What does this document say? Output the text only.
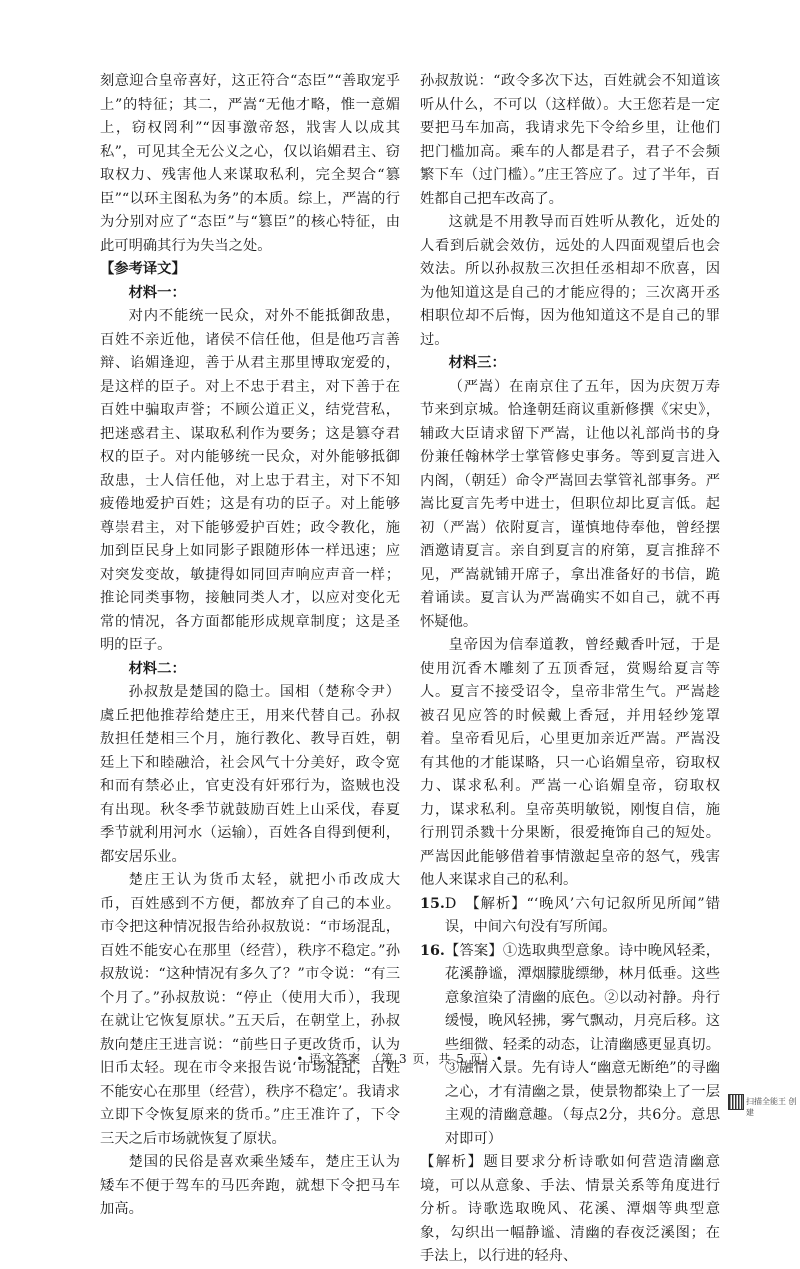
刻意迎合皇帝喜好，这正符合“态臣”“善取宠乎上”的特征；其二，严嵩“无他才略，惟一意媚上，窃权罔利”“因事激帝怒，戕害人以成其私”，可见其全无公义之心，仅以谄媚君主、窃取权力、残害他人来谋取私利，完全契合“篡臣”“以环主图私为务”的本质。综上，严嵩的行为分别对应了“态臣”与“篡臣”的核心特征，由此可明确其行为失当之处。

【参考译文】

材料一：

对内不能统一民众，对外不能抵御敌患，百姓不亲近他，诸侯不信任他，但是他巧言善辩、谄媚逢迎，善于从君主那里博取宠爱的，是这样的臣子。对上不忠于君主，对下善于在百姓中骗取声誉；不顾公道正义，结党营私，把迷惑君主、谋取私利作为要务；这是篡夺君权的臣子。对内能够统一民众，对外能够抵御敌患，士人信任他，对上忠于君主，对下不知疲倦地爱护百姓；这是有功的臣子。对上能够尊崇君主，对下能够爱护百姓；政令教化，施加到臣民身上如同影子跟随形体一样迅速；应对突发变故，敏捷得如同回声响应声音一样；推论同类事物，接触同类人才，以应对变化无常的情况，各方面都能形成规章制度；这是圣明的臣子。

材料二：

孙叔敖是楚国的隐士。国相（楚称令尹）虞丘把他推荐给楚庄王，用来代替自己。孙叔敖担任楚相三个月，施行教化、教导百姓，朝廷上下和睦融洽，社会风气十分美好，政令宽和而有禁必止，官吏没有奸邪行为，盗贼也没有出现。秋冬季节就鼓励百姓上山采伐，春夏季节就利用河水（运输），百姓各自得到便利，都安居乐业。

楚庄王认为货币太轻，就把小币改成大币，百姓感到不方便，都放弃了自己的本业。市令把这种情况报告给孙叔敖说：“市场混乱，百姓不能安心在那里（经营），秩序不稳定。”孙叔敖说：“这种情况有多久了？”市令说：“有三个月了。”孙叔敖说：“停止（使用大币），我现在就让它恢复原状。”五天后，在朝堂上，孙叔敖向楚庄王进言说：“前些日子更改货币，认为旧币太轻。现在市令来报告说‘市场混乱，百姓不能安心在那里（经营），秩序不稳定’。我请求立即下令恢复原来的货币。”庄王准许了，下令三天之后市场就恢复了原状。

楚国的民俗是喜欢乘坐矮车，楚庄王认为矮车不便于驾车的马匹奔跑，就想下令把马车加高。

孙叔敖说：“政令多次下达，百姓就会不知道该听从什么，不可以（这样做）。大王您若是一定要把马车加高，我请求先下令给乡里，让他们把门槛加高。乘车的人都是君子，君子不会频繁下车（过门槛）。”庄王答应了。过了半年，百姓都自己把车改高了。

这就是不用教导而百姓听从教化，近处的人看到后就会效仿，远处的人四面观望后也会效法。所以孙叔敖三次担任丞相却不欣喜，因为他知道这是自己的才能应得的；三次离开丞相职位却不后悔，因为他知道这不是自己的罪过。

材料三：

（严嵩）在南京住了五年，因为庆贺万寿节来到京城。恰逢朝廷商议重新修撰《宋史》，辅政大臣请求留下严嵩，让他以礼部尚书的身份兼任翰林学士掌管修史事务。等到夏言进入内阁，（朝廷）命令严嵩回去掌管礼部事务。严嵩比夏言先考中进士，但职位却比夏言低。起初（严嵩）依附夏言，谨慎地侍奉他，曾经摆酒邀请夏言。亲自到夏言的府第，夏言推辞不见，严嵩就铺开席子，拿出准备好的书信，跪着诵读。夏言认为严嵩确实不如自己，就不再怀疑他。

皇帝因为信奉道教，曾经戴香叶冠，于是使用沉香木雕刻了五顶香冠，赏赐给夏言等人。夏言不接受诏令，皇帝非常生气。严嵩趁被召见应答的时候戴上香冠，并用轻纱笼罩着。皇帝看见后，心里更加亲近严嵩。严嵩没有其他的才能谋略，只一心谄媚皇帝，窃取权力、谋求私利。严嵩一心谄媚皇帝，窃取权力，谋求私利。皇帝英明敏锐，刚愎自信，施行刑罚杀戮十分果断，很爱掩饰自己的短处。严嵩因此能够借着事情激起皇帝的怒气，残害他人来谋求自己的私利。

15. D　【解析】“‘晚风’六句记叙所见所闻”错误，中间六句没有写所闻。
16. 【答案】①选取典型意象。诗中晚风轻柔，花溪静谧，潭烟朦胧缥缈，林月低垂。这些意象渲染了清幽的底色。②以动衬静。舟行缓慢，晚风轻拂，雾气飘动，月亮后移。这些细微、轻柔的动态，让清幽感更显真切。③融情入景。先有诗人“幽意无断绝”的寻幽之心，才有清幽之景，使景物都染上了一层主观的清幽意趣。（每点2分，共6分。意思对即可）

【解析】题目要求分析诗歌如何营造清幽意境，可以从意象、手法、情景关系等角度进行分析。诗歌选取晚风、花溪、潭烟等典型意象，勾织出一幅静谧、清幽的春夜泛溪图；在手法上，以行进的轻舟、

• 语文答案　（第 3 页，共 5 页）•
扫描全能王 创建
